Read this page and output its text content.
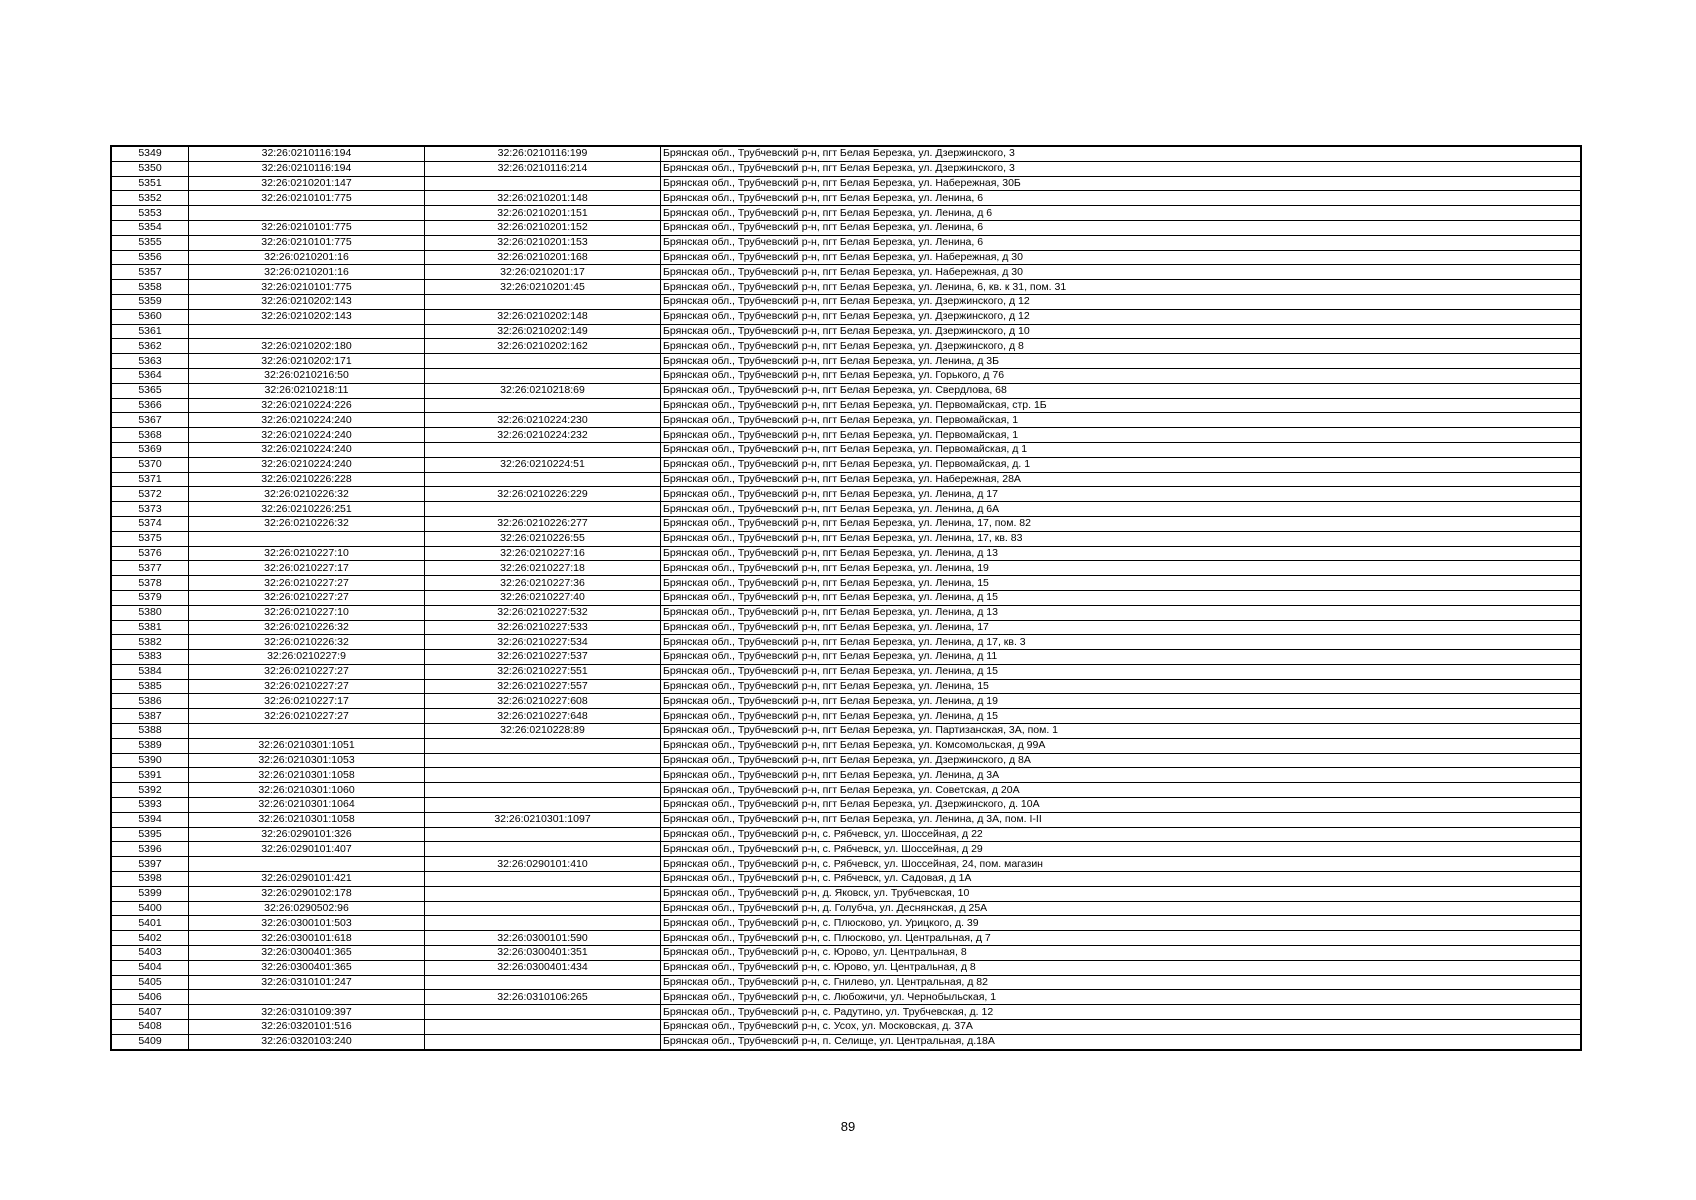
5349	32:26:0210116:194	32:26:0210116:199	Брянская обл., Трубчевский р-н, пгт Белая Березка, ул. Дзержинского, 3
5350	32:26:0210116:194	32:26:0210116:214	Брянская обл., Трубчевский р-н, пгт Белая Березка, ул. Дзержинского, 3
5351	32:26:0210201:147		Брянская обл., Трубчевский р-н, пгт Белая Березка, ул. Набережная, 30Б
5352	32:26:0210101:775	32:26:0210201:148	Брянская обл., Трубчевский р-н, пгт Белая Березка, ул. Ленина, 6
5353		32:26:0210201:151	Брянская обл., Трубчевский р-н, пгт Белая Березка, ул. Ленина, д 6
5354	32:26:0210101:775	32:26:0210201:152	Брянская обл., Трубчевский р-н, пгт Белая Березка, ул. Ленина, 6
5355	32:26:0210101:775	32:26:0210201:153	Брянская обл., Трубчевский р-н, пгт Белая Березка, ул. Ленина, 6
5356	32:26:0210201:16	32:26:0210201:168	Брянская обл., Трубчевский р-н, пгт Белая Березка, ул. Набережная, д 30
5357	32:26:0210201:16	32:26:0210201:17	Брянская обл., Трубчевский р-н, пгт Белая Березка, ул. Набережная, д 30
5358	32:26:0210101:775	32:26:0210201:45	Брянская обл., Трубчевский р-н, пгт Белая Березка, ул. Ленина, 6, кв. к 31, пом. 31
5359	32:26:0210202:143		Брянская обл., Трубчевский р-н, пгт Белая Березка, ул. Дзержинского, д 12
5360	32:26:0210202:143	32:26:0210202:148	Брянская обл., Трубчевский р-н, пгт Белая Березка, ул. Дзержинского, д 12
5361		32:26:0210202:149	Брянская обл., Трубчевский р-н, пгт Белая Березка, ул. Дзержинского, д 10
5362	32:26:0210202:180	32:26:0210202:162	Брянская обл., Трубчевский р-н, пгт Белая Березка, ул. Дзержинского, д 8
5363	32:26:0210202:171		Брянская обл., Трубчевский р-н, пгт Белая Березка, ул. Ленина, д 3Б
5364	32:26:0210216:50		Брянская обл., Трубчевский р-н, пгт Белая Березка, ул. Горького, д 76
5365	32:26:0210218:11	32:26:0210218:69	Брянская обл., Трубчевский р-н, пгт Белая Березка, ул. Свердлова, 68
5366	32:26:0210224:226		Брянская обл., Трубчевский р-н, пгт Белая Березка, ул. Первомайская, стр. 1Б
5367	32:26:0210224:240	32:26:0210224:230	Брянская обл., Трубчевский р-н, пгт Белая Березка, ул. Первомайская, 1
5368	32:26:0210224:240	32:26:0210224:232	Брянская обл., Трубчевский р-н, пгт Белая Березка, ул. Первомайская, 1
5369	32:26:0210224:240		Брянская обл., Трубчевский р-н, пгт Белая Березка, ул. Первомайская, д 1
5370	32:26:0210224:240	32:26:0210224:51	Брянская обл., Трубчевский р-н, пгт Белая Березка, ул. Первомайская, д. 1
5371	32:26:0210226:228		Брянская обл., Трубчевский р-н, пгт Белая Березка, ул. Набережная, 28А
5372	32:26:0210226:32	32:26:0210226:229	Брянская обл., Трубчевский р-н, пгт Белая Березка, ул. Ленина, д 17
5373	32:26:0210226:251		Брянская обл., Трубчевский р-н, пгт Белая Березка, ул. Ленина, д 6А
5374	32:26:0210226:32	32:26:0210226:277	Брянская обл., Трубчевский р-н, пгт Белая Березка, ул. Ленина, 17, пом. 82
5375		32:26:0210226:55	Брянская обл., Трубчевский р-н, пгт Белая Березка, ул. Ленина, 17, кв. 83
5376	32:26:0210227:10	32:26:0210227:16	Брянская обл., Трубчевский р-н, пгт Белая Березка, ул. Ленина, д 13
5377	32:26:0210227:17	32:26:0210227:18	Брянская обл., Трубчевский р-н, пгт Белая Березка, ул. Ленина, 19
5378	32:26:0210227:27	32:26:0210227:36	Брянская обл., Трубчевский р-н, пгт Белая Березка, ул. Ленина, 15
5379	32:26:0210227:27	32:26:0210227:40	Брянская обл., Трубчевский р-н, пгт Белая Березка, ул. Ленина, д 15
5380	32:26:0210227:10	32:26:0210227:532	Брянская обл., Трубчевский р-н, пгт Белая Березка, ул. Ленина, д 13
5381	32:26:0210226:32	32:26:0210227:533	Брянская обл., Трубчевский р-н, пгт Белая Березка, ул. Ленина, 17
5382	32:26:0210226:32	32:26:0210227:534	Брянская обл., Трубчевский р-н, пгт Белая Березка, ул. Ленина, д 17, кв. 3
5383	32:26:0210227:9	32:26:0210227:537	Брянская обл., Трубчевский р-н, пгт Белая Березка, ул. Ленина, д 11
5384	32:26:0210227:27	32:26:0210227:551	Брянская обл., Трубчевский р-н, пгт Белая Березка, ул. Ленина, д 15
5385	32:26:0210227:27	32:26:0210227:557	Брянская обл., Трубчевский р-н, пгт Белая Березка, ул. Ленина, 15
5386	32:26:0210227:17	32:26:0210227:608	Брянская обл., Трубчевский р-н, пгт Белая Березка, ул. Ленина, д 19
5387	32:26:0210227:27	32:26:0210227:648	Брянская обл., Трубчевский р-н, пгт Белая Березка, ул. Ленина, д 15
5388		32:26:0210228:89	Брянская обл., Трубчевский р-н, пгт Белая Березка, ул. Партизанская, 3А, пом. 1
5389	32:26:0210301:1051		Брянская обл., Трубчевский р-н, пгт Белая Березка, ул. Комсомольская, д 99А
5390	32:26:0210301:1053		Брянская обл., Трубчевский р-н, пгт Белая Березка, ул. Дзержинского, д 8А
5391	32:26:0210301:1058		Брянская обл., Трубчевский р-н, пгт Белая Березка, ул. Ленина, д 3А
5392	32:26:0210301:1060		Брянская обл., Трубчевский р-н, пгт Белая Березка, ул. Советская, д 20А
5393	32:26:0210301:1064		Брянская обл., Трубчевский р-н, пгт Белая Березка, ул. Дзержинского, д. 10А
5394	32:26:0210301:1058	32:26:0210301:1097	Брянская обл., Трубчевский р-н, пгт Белая Березка, ул. Ленина, д 3А, пом. I-II
5395	32:26:0290101:326		Брянская обл., Трубчевский р-н, с. Рябчевск, ул. Шоссейная, д 22
5396	32:26:0290101:407		Брянская обл., Трубчевский р-н, с. Рябчевск, ул. Шоссейная, д 29
5397		32:26:0290101:410	Брянская обл., Трубчевский р-н, с. Рябчевск, ул. Шоссейная, 24, пом. магазин
5398	32:26:0290101:421		Брянская обл., Трубчевский р-н, с. Рябчевск, ул. Садовая, д 1А
5399	32:26:0290102:178		Брянская обл., Трубчевский р-н, д. Яковск, ул. Трубчевская, 10
5400	32:26:0290502:96		Брянская обл., Трубчевский р-н, д. Голубча, ул. Деснянская, д 25А
5401	32:26:0300101:503		Брянская обл., Трубчевский р-н, с. Плюсково, ул. Урицкого, д. 39
5402	32:26:0300101:618	32:26:0300101:590	Брянская обл., Трубчевский р-н, с. Плюсково, ул. Центральная, д 7
5403	32:26:0300401:365	32:26:0300401:351	Брянская обл., Трубчевский р-н, с. Юрово, ул. Центральная, 8
5404	32:26:0300401:365	32:26:0300401:434	Брянская обл., Трубчевский р-н, с. Юрово, ул. Центральная, д 8
5405	32:26:0310101:247		Брянская обл., Трубчевский р-н, с. Гнилево, ул. Центральная, д 82
5406		32:26:0310106:265	Брянская обл., Трубчевский р-н, с. Любожичи, ул. Чернобыльская, 1
5407	32:26:0310109:397		Брянская обл., Трубчевский р-н, с. Радутино, ул. Трубчевская, д. 12
5408	32:26:0320101:516		Брянская обл., Трубчевский р-н, с. Усох, ул. Московская, д. 37А
5409	32:26:0320103:240		Брянская обл., Трубчевский р-н, п. Селище, ул. Центральная, д.18А
89
